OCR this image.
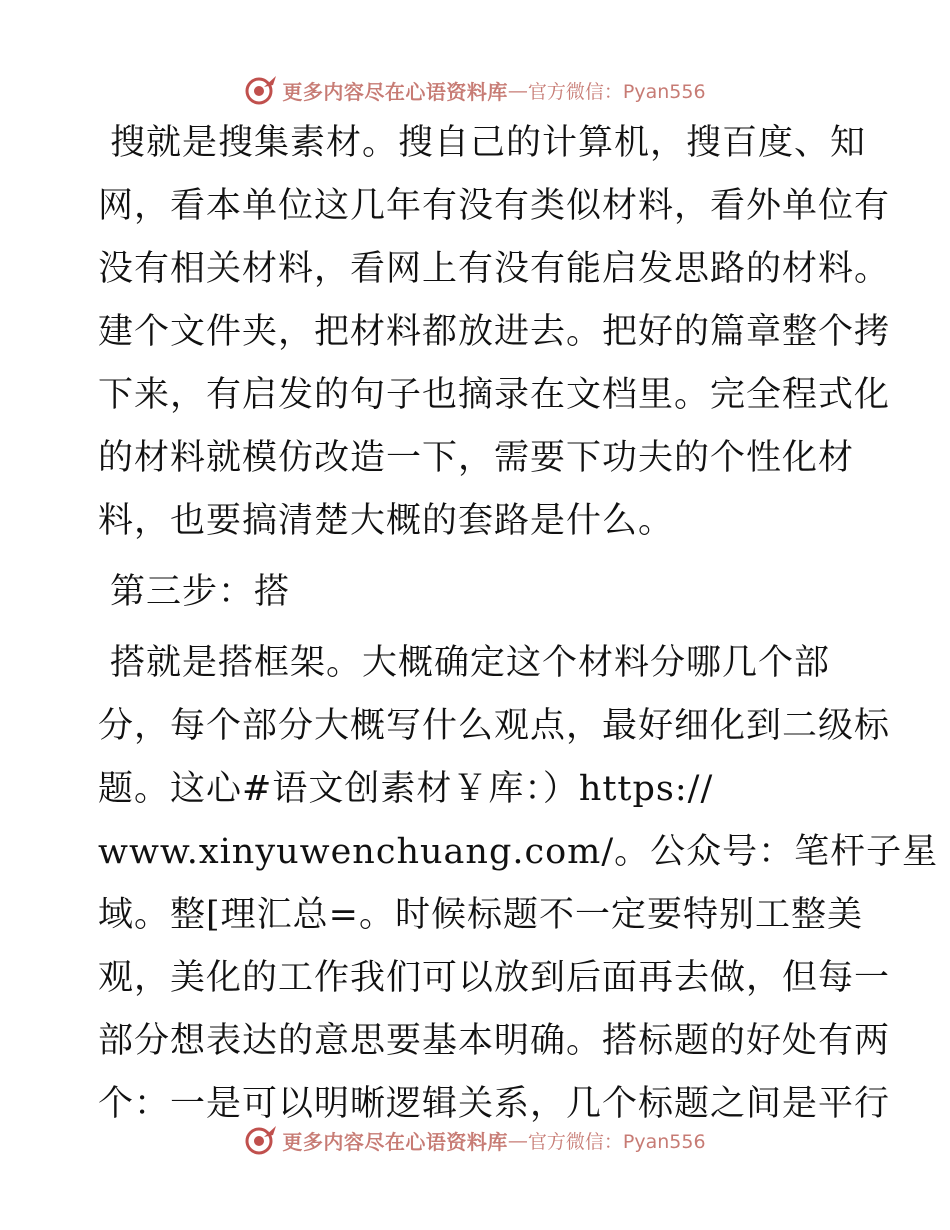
更多内容尽在心语资料库 — 官方微信：Pyan556
搜就是搜集素材。搜自己的计算机，搜百度、知
网，看本单位这几年有没有类似材料，看外单位有
没有相关材料，看网上有没有能启发思路的材料。
建个文件夹，把材料都放进去。把好的篇章整个拷
下来，有启发的句子也摘录在文档里。完全程式化
的材料就模仿改造一下，需要下功夫的个性化材
料，也要搞清楚大概的套路是什么。
第三步：搭
搭就是搭框架。大概确定这个材料分哪几个部
分，每个部分大概写什么观点，最好细化到二级标
题。这心#语文创素材￥库：）https://
www.xinyuwenchuang.com/。公众号：笔杆子星
域。整[理汇总=。时候标题不一定要特别工整美
观，美化的工作我们可以放到后面再去做，但每一
部分想表达的意思要基本明确。搭标题的好处有两
个：一是可以明晰逻辑关系，几个标题之间是平行
更多内容尽在心语资料库 — 官方微信：Pyan556
